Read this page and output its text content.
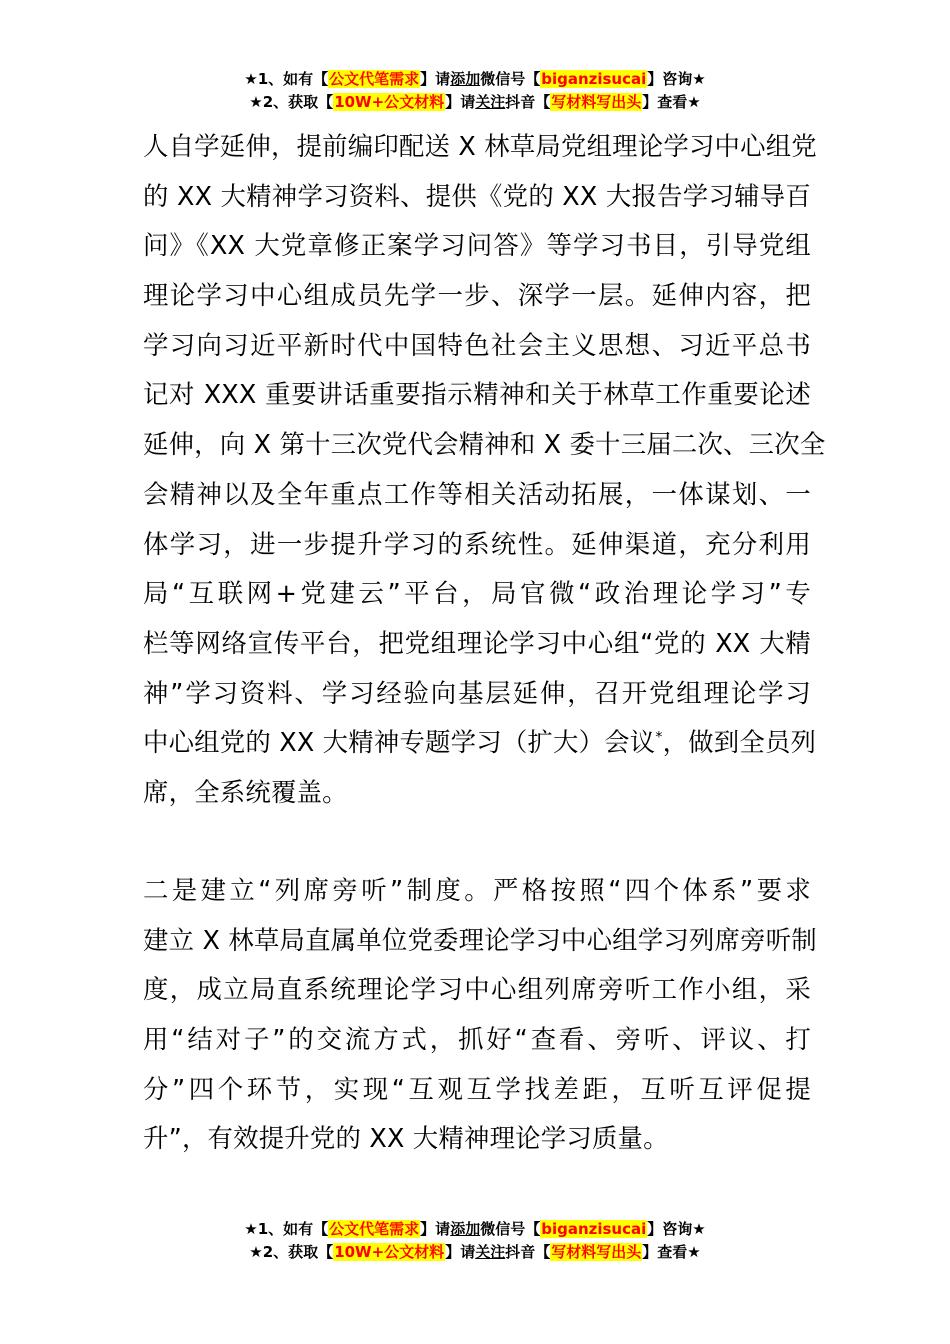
★1、如有【公文代笔需求】请添加微信号【biganzisucai】咨询★
★2、获取【10W+公文材料】请关注抖音【写材料写出头】查看★
人自学延伸，提前编印配送 X 林草局党组理论学习中心组党
的 XX 大精神学习资料、提供《党的 XX 大报告学习辅导百
问》《XX 大党章修正案学习问答》等学习书目，引导党组
理论学习中心组成员先学一步、深学一层。延伸内容，把
学习向习近平新时代中国特色社会主义思想、习近平总书
记对 XXX 重要讲话重要指示精神和关于林草工作重要论述
延伸，向 X 第十三次党代会精神和 X 委十三届二次、三次全
会精神以及全年重点工作等相关活动拓展，一体谋划、一
体学习，进一步提升学习的系统性。延伸渠道，充分利用
局“互联网+党建云”平台，局官微“政治理论学习”专
栏等网络宣传平台，把党组理论学习中心组“党的 XX 大精
神”学习资料、学习经验向基层延伸，召开党组理论学习
中心组党的 XX 大精神专题学习（扩大）会议*，做到全员列
席，全系统覆盖。
二是建立“列席旁听”制度。严格按照“四个体系”要求
建立 X 林草局直属单位党委理论学习中心组学习列席旁听制
度，成立局直系统理论学习中心组列席旁听工作小组，采
用“结对子”的交流方式，抓好“查看、旁听、评议、打
分”四个环节，实现“互观互学找差距，互听互评促提
升”，有效提升党的 XX 大精神理论学习质量。
★1、如有【公文代笔需求】请添加微信号【biganzisucai】咨询★
★2、获取【10W+公文材料】请关注抖音【写材料写出头】查看★
